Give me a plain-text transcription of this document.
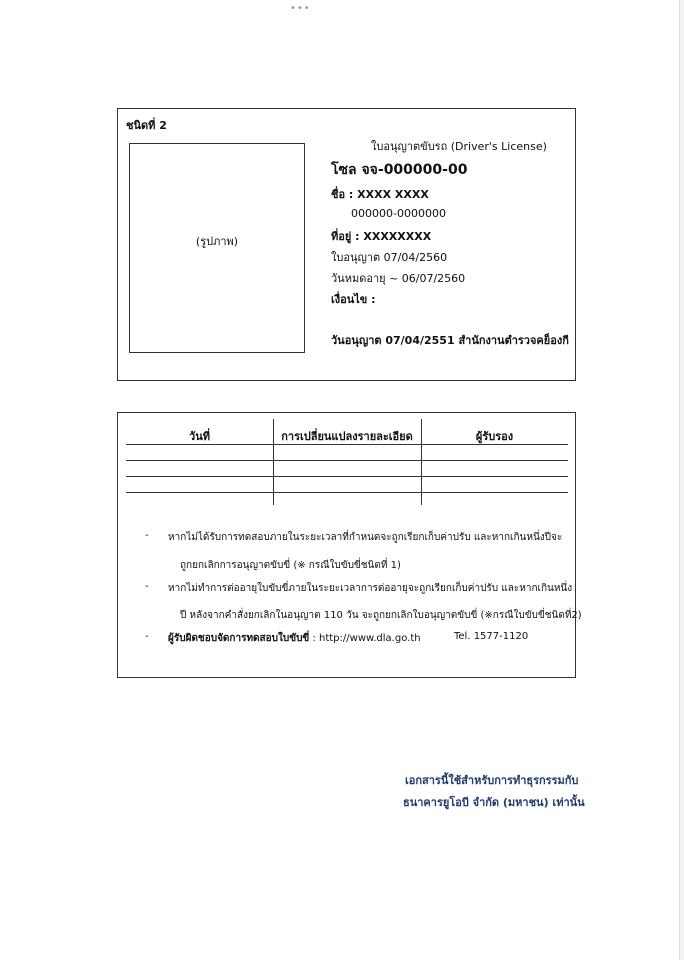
•••
ชนิดที่ 2
(รูปภาพ)
ใบอนุญาตขับรถ (Driver's License)
โซล จจ-000000-00
ชื่อ : XXXX XXXX
000000-0000000
ที่อยู่ : XXXXXXXX
ใบอนุญาต 07/04/2560
วันหมดอายุ ~ 06/07/2560
เงื่อนไข :
วันอนุญาต 07/04/2551 สำนักงานตำรวจคย็องกี
วันที่	การเปลี่ยนแปลงรายละเอียด	ผู้รับรอง
- หากไม่ได้รับการทดสอบภายในระยะเวลาที่กำหนดจะถูกเรียกเก็บค่าปรับ และหากเกินหนึ่งปีจะ
ถูกยกเลิกการอนุญาตขับขี่ (※ กรณีใบขับขี่ชนิดที่ 1)
- หากไม่ทำการต่ออายุใบขับขี่ภายในระยะเวลาการต่ออายุจะถูกเรียกเก็บค่าปรับ และหากเกินหนึ่ง
ปี หลังจากคำสั่งยกเลิกในอนุญาต 110 วัน จะถูกยกเลิกใบอนุญาตขับขี่ (※กรณีใบขับขี่ชนิดที่2)
- ผู้รับผิดชอบจัดการทดสอบใบขับขี่ : http://www.dla.go.th	Tel. 1577-1120
เอกสารนี้ใช้สำหรับการทำธุรกรรมกับ
ธนาคารยูโอบี จำกัด (มหาชน) เท่านั้น
